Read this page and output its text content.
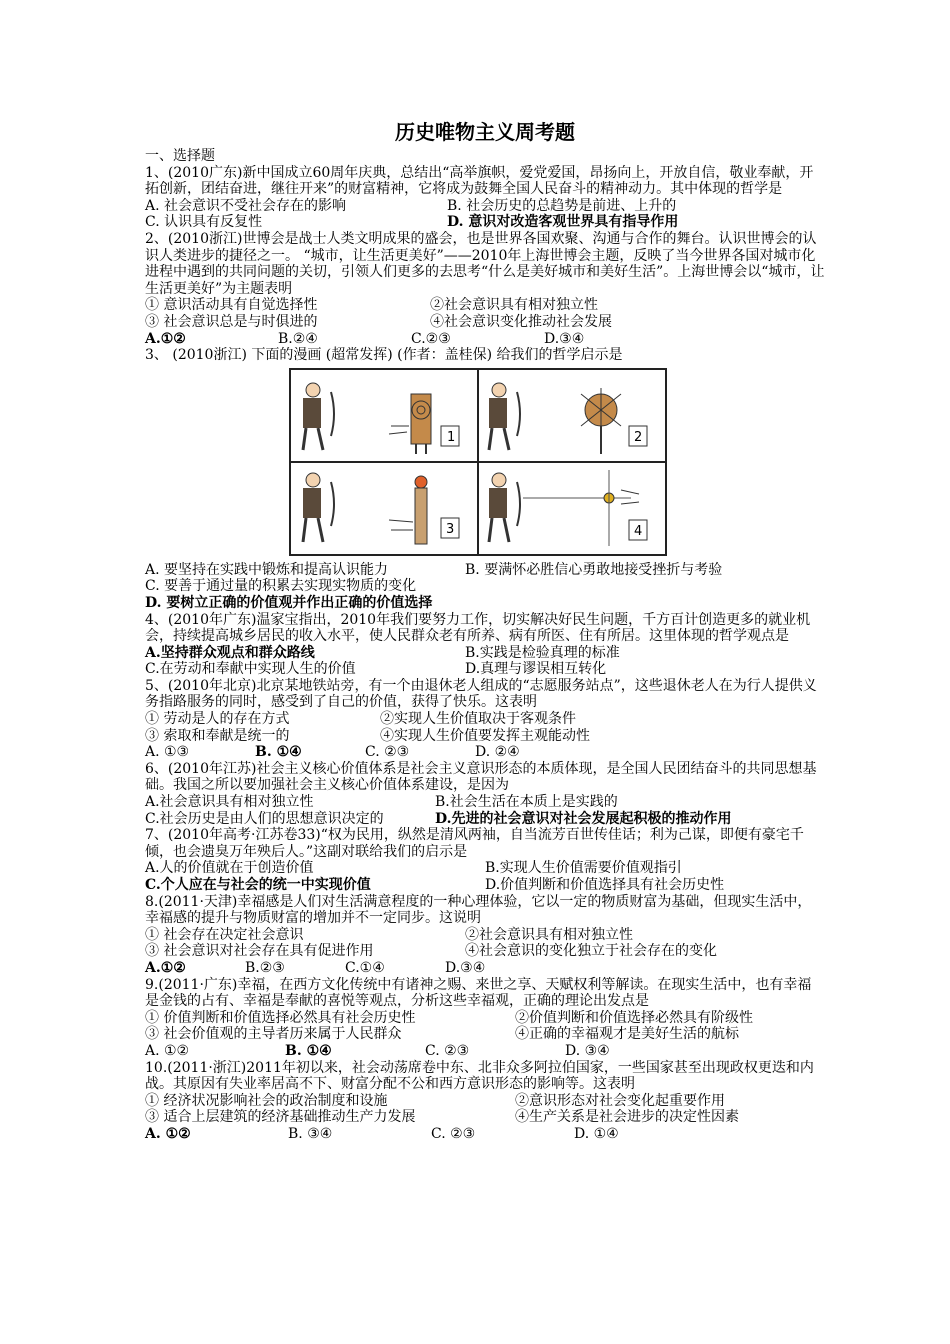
历史唯物主义周考题
一、选择题
1、(2010广东)新中国成立60周年庆典，总结出“高举旗帜，爱党爱国，昂扬向上，开放自信，敬业奉献，开拓创新，团结奋进，继往开来”的财富精神，它将成为鼓舞全国人民奋斗的精神动力。其中体现的哲学是
A. 社会意识不受社会存在的影响	B. 社会历史的总趋势是前进、上升的
C. 认识具有反复性	D. 意识对改造客观世界具有指导作用
2、(2010浙江)世博会是战士人类文明成果的盛会，也是世界各国欢聚、沟通与合作的舞台。认识世博会的认识人类进步的捷径之一。 “城市，让生活更美好”——2010年上海世博会主题，反映了当今世界各国对城市化进程中遇到的共同问题的关切，引领人们更多的去思考“什么是美好城市和美好生活”。上海世博会以“城市，让生活更美好”为主题表明
① 意识活动具有自觉选择性	②社会意识具有相对独立性
③ 社会意识总是与时俱进的	④社会意识变化推动社会发展
A.①②	B.②④	C.②③	D.③④
3、 (2010浙江) 下面的漫画 (超常发挥) (作者：盖桂保) 给我们的哲学启示是
1	2
3	4
A. 要坚持在实践中锻炼和提高认识能力	B. 要满怀必胜信心勇敢地接受挫折与考验
C. 要善于通过量的积累去实现实物质的变化
D. 要树立正确的价值观并作出正确的价值选择
4、(2010年广东)温家宝指出，2010年我们要努力工作，切实解决好民生问题，千方百计创造更多的就业机会，持续提高城乡居民的收入水平，使人民群众老有所养、病有所医、住有所居。这里体现的哲学观点是
A.坚持群众观点和群众路线	B.实践是检验真理的标准
C.在劳动和奉献中实现人生的价值	D.真理与谬误相互转化
5、(2010年北京)北京某地铁站旁，有一个由退休老人组成的“志愿服务站点”，这些退休老人在为行人提供义务指路服务的同时，感受到了自己的价值，获得了快乐。这表明
① 劳动是人的存在方式	②实现人生价值取决于客观条件
③ 索取和奉献是统一的	④实现人生价值要发挥主观能动性
A. ①③	B. ①④	C. ②③	D. ②④
6、(2010年江苏)社会主义核心价值体系是社会主义意识形态的本质体现，是全国人民团结奋斗的共同思想基础。我国之所以要加强社会主义核心价值体系建设，是因为
A.社会意识具有相对独立性	B.社会生活在本质上是实践的
C.社会历史是由人们的思想意识决定的	D.先进的社会意识对社会发展起积极的推动作用
7、(2010年高考·江苏卷33)“权为民用，纵然是清风两袖，自当流芳百世传佳话；利为己谋，即便有豪宅千倾，也会遗臭万年殃后人。”这副对联给我们的启示是
A.人的价值就在于创造价值	B.实现人生价值需要价值观指引
C.个人应在与社会的统一中实现价值	D.价值判断和价值选择具有社会历史性
8.(2011·天津)幸福感是人们对生活满意程度的一种心理体验，它以一定的物质财富为基础，但现实生活中，幸福感的提升与物质财富的增加并不一定同步。这说明
① 社会存在决定社会意识	②社会意识具有相对独立性
③ 社会意识对社会存在具有促进作用	④社会意识的变化独立于社会存在的变化
A.①②	B.②③	C.①④	D.③④
9.(2011·广东)幸福，在西方文化传统中有诸神之赐、来世之享、天赋权利等解读。在现实生活中，也有幸福是金钱的占有、幸福是奉献的喜悦等观点，分析这些幸福观，正确的理论出发点是
① 价值判断和价值选择必然具有社会历史性	②价值判断和价值选择必然具有阶级性
③ 社会价值观的主导者历来属于人民群众	④正确的幸福观才是美好生活的航标
A. ①②	B. ①④	C. ②③	D. ③④
10.(2011·浙江)2011年初以来，社会动荡席卷中东、北非众多阿拉伯国家，一些国家甚至出现政权更迭和内战。其原因有失业率居高不下、财富分配不公和西方意识形态的影响等。这表明
① 经济状况影响社会的政治制度和设施	②意识形态对社会变化起重要作用
③ 适合上层建筑的经济基础推动生产力发展	④生产关系是社会进步的决定性因素
A. ①②	B. ③④	C. ②③	D. ①④
